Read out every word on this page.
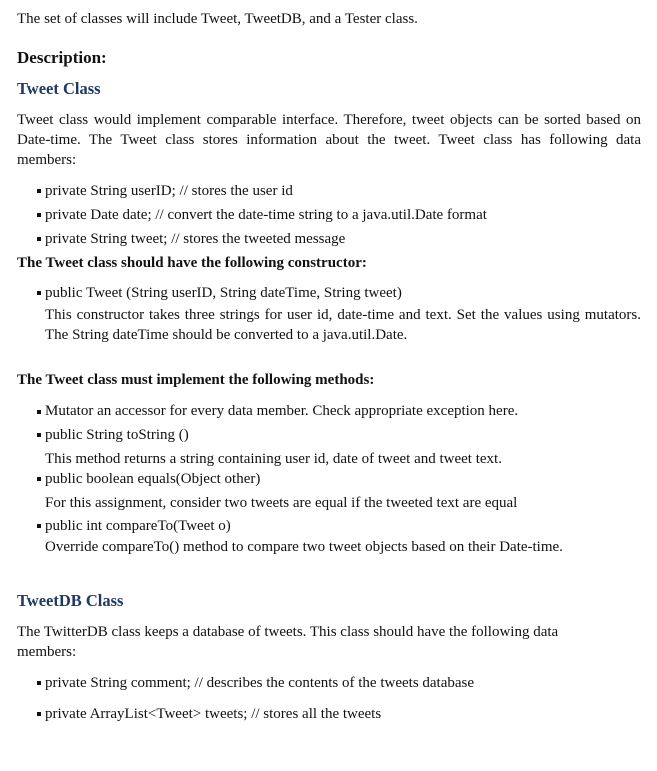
The set of classes will include Tweet, TweetDB, and a Tester class.
Description:
Tweet Class
Tweet class would implement comparable interface. Therefore, tweet objects can be sorted based on Date-time. The Tweet class stores information about the tweet. Tweet class has following data members:
private String userID; // stores the user id
private Date date; // convert the date-time string to a java.util.Date format
private String tweet; // stores the tweeted message
The Tweet class should have the following constructor:
public Tweet (String userID, String dateTime, String tweet)
This constructor takes three strings for user id, date-time and text. Set the values using mutators. The String dateTime should be converted to a java.util.Date.
The Tweet class must implement the following methods:
Mutator an accessor for every data member. Check appropriate exception here.
public String toString ()
This method returns a string containing user id, date of tweet and tweet text.
public boolean equals(Object other)
For this assignment, consider two tweets are equal if the tweeted text are equal
public int compareTo(Tweet o)
Override compareTo() method to compare two tweet objects based on their Date-time.
TweetDB Class
The TwitterDB class keeps a database of tweets. This class should have the following data members:
private String comment; // describes the contents of the tweets database
private ArrayList<Tweet> tweets; // stores all the tweets
